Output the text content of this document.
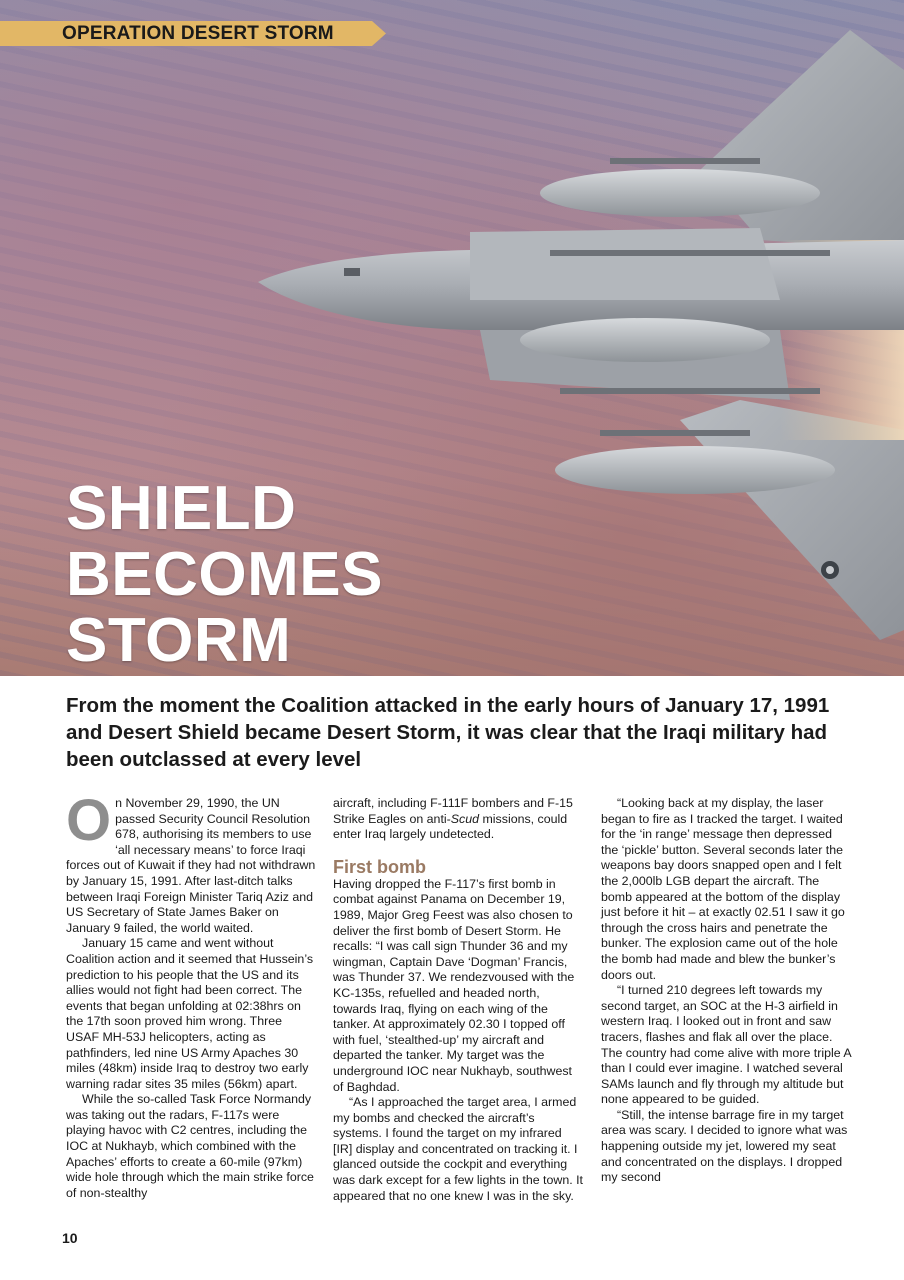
OPERATION DESERT STORM
SHIELD
BECOMES
STORM

From the moment the Coalition attacked in the early hours of January 17, 1991 and Desert Shield became Desert Storm, it was clear that the Iraqi military had been outclassed at every level

On November 29, 1990, the UN passed Security Council Resolution 678, authorising its members to use ‘all necessary means’ to force Iraqi forces out of Kuwait if they had not withdrawn by January 15, 1991. After last-ditch talks between Iraqi Foreign Minister Tariq Aziz and US Secretary of State James Baker on January 9 failed, the world waited.

January 15 came and went without Coalition action and it seemed that Hussein’s prediction to his people that the US and its allies would not fight had been correct. The events that began unfolding at 02:38hrs on the 17th soon proved him wrong. Three USAF MH-53J helicopters, acting as pathfinders, led nine US Army Apaches 30 miles (48km) inside Iraq to destroy two early warning radar sites 35 miles (56km) apart.

While the so-called Task Force Normandy was taking out the radars, F-117s were playing havoc with C2 centres, including the IOC at Nukhayb, which combined with the Apaches’ efforts to create a 60-mile (97km) wide hole through which the main strike force of non-stealthy

aircraft, including F-111F bombers and F-15 Strike Eagles on anti-Scud missions, could enter Iraq largely undetected.

First bomb

Having dropped the F-117’s first bomb in combat against Panama on December 19, 1989, Major Greg Feest was also chosen to deliver the first bomb of Desert Storm. He recalls: “I was call sign Thunder 36 and my wingman, Captain Dave ‘Dogman’ Francis, was Thunder 37. We rendezvoused with the KC-135s, refuelled and headed north, towards Iraq, flying on each wing of the tanker. At approximately 02.30 I topped off with fuel, ‘stealthed-up’ my aircraft and departed the tanker. My target was the underground IOC near Nukhayb, southwest of Baghdad.

“As I approached the target area, I armed my bombs and checked the aircraft’s systems. I found the target on my infrared [IR] display and concentrated on tracking it. I glanced outside the cockpit and everything was dark except for a few lights in the town. It appeared that no one knew I was in the sky.

“Looking back at my display, the laser began to fire as I tracked the target. I waited for the ‘in range’ message then depressed the ‘pickle’ button. Several seconds later the weapons bay doors snapped open and I felt the 2,000lb LGB depart the aircraft. The bomb appeared at the bottom of the display just before it hit – at exactly 02.51 I saw it go through the cross hairs and penetrate the bunker. The explosion came out of the hole the bomb had made and blew the bunker’s doors out.

“I turned 210 degrees left towards my second target, an SOC at the H-3 airfield in western Iraq. I looked out in front and saw tracers, flashes and flak all over the place. The country had come alive with more triple A than I could ever imagine. I watched several SAMs launch and fly through my altitude but none appeared to be guided.

“Still, the intense barrage fire in my target area was scary. I decided to ignore what was happening outside my jet, lowered my seat and concentrated on the displays. I dropped my second

10
